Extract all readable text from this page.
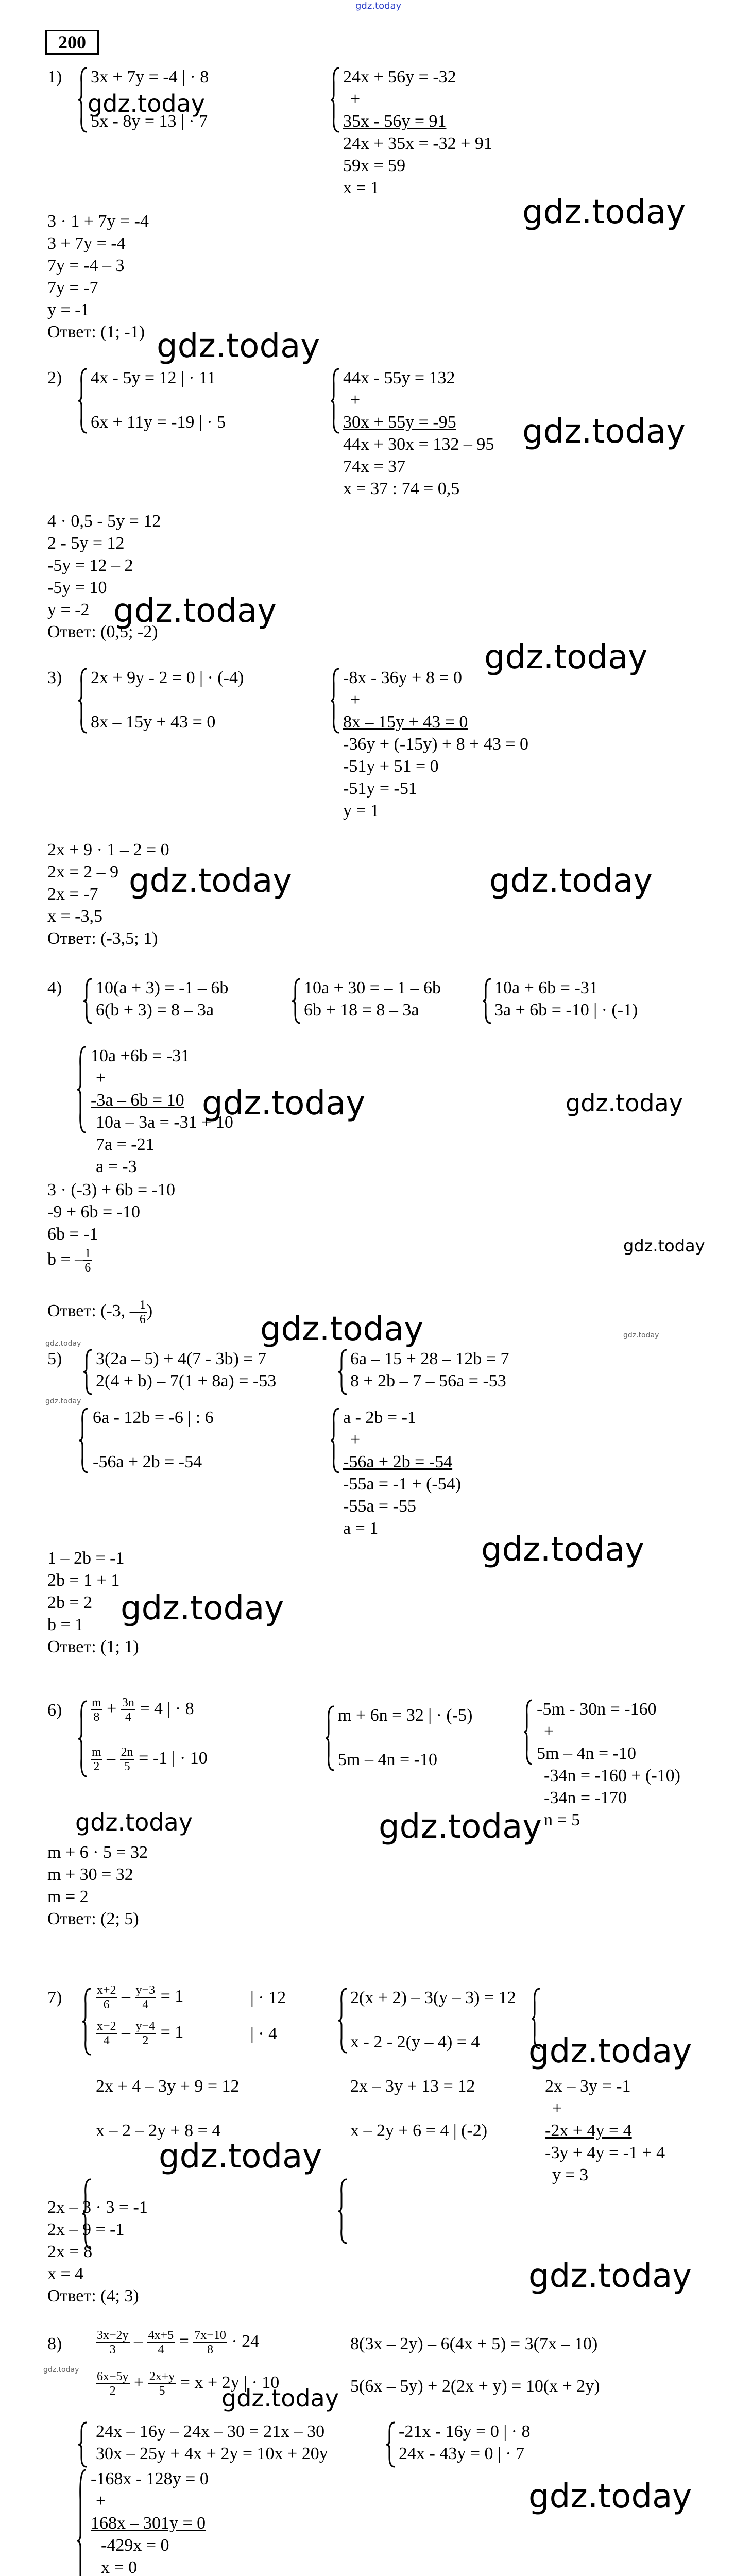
gdz.today
200
1) 3x + 7y = -4 | · 8
5x - 8y = 13 | · 7
24x + 56y = -32
+
35x - 56y = 91
24x + 35x = -32 + 91
59x = 59
x = 1
3 · 1 + 7y = -4
3 + 7y = -4
7y = -4 – 3
7y = -7
y = -1
Ответ: (1; -1)
2) 4x - 5y = 12 | · 11
6x + 11y = -19 | · 5
44x - 55y = 132
+
30x + 55y = -95
44x + 30x = 132 – 95
74x = 37
x = 37 : 74 = 0,5
4 · 0,5 - 5y = 12
2 - 5y = 12
-5y = 12 – 2
-5y = 10
y = -2
Ответ: (0,5; -2)
3) 2x + 9y - 2 = 0 | · (-4)
8x – 15y + 43 = 0
-8x - 36y + 8 = 0
+
8x – 15y + 43 = 0
-36y + (-15y) + 8 + 43 = 0
-51y + 51 = 0
-51y = -51
y = 1
2x + 9 · 1 – 2 = 0
2x = 2 – 9
2x = -7
x = -3,5
Ответ: (-3,5; 1)
4) 10(a + 3) = -1 – 6b
6(b + 3) = 8 – 3a
10a + 30 = – 1 – 6b
6b + 18 = 8 – 3a
10a + 6b = -31
3a + 6b = -10 | · (-1)
10a +6b = -31
+
-3a – 6b = 10
10a – 3a = -31 + 10
7a = -21
a = -3
3 · (-3) + 6b = -10
-9 + 6b = -10
6b = -1
b = – $\frac{1}{6}$
Ответ: (-3, – $\frac{1}{6}$ )
5) 3(2a – 5) + 4(7 - 3b) = 7
2(4 + b) – 7(1 + 8a) = -53
6a – 15 + 28 – 12b = 7
8 + 2b – 7 – 56a = -53
6a - 12b = -6 | : 6
-56a + 2b = -54
a - 2b = -1
+
-56a + 2b = -54
-55a = -1 + (-54)
-55a = -55
a = 1
1 – 2b = -1
2b = 1 + 1
2b = 2
b = 1
Ответ: (1; 1)
$6) \frac{m}{8} + \frac{3n}{4} = 4$ | · 8
$\frac{m}{2} - \frac{2n}{5} = -1$ | · 10
m + 6n = 32 | · (-5)
5m – 4n = -10
-5m - 30n = -160
+
5m – 4n = -10
-34n = -160 + (-10)
-34n = -170
n = 5
m + 6 · 5 = 32
m + 30 = 32
m = 2
Ответ: (2; 5)
7)	$\frac{x+2}{6} - \frac{y-3}{4} = 1$	| · 12
$\frac{x-2}{4} - \frac{y-4}{2} = 1$	| · 4
2(x + 2) – 3(y – 3) = 12
x - 2 - 2(y – 4) = 4
2x + 4 – 3y + 9 = 12
x – 2 – 2y + 8 = 4
2x – 3y + 13 = 12
x – 2y + 6 = 4 | (-2)
2x – 3y = -1
+
-2x + 4y = 4
-3y + 4y = -1 + 4
y = 3
2x – 3 · 3 = -1
2x – 9 = -1
2x = 8
x = 4
Ответ: (4; 3)
8)	$\frac{3x-2y}{3} - \frac{4x+5}{4} = \frac{7x-10}{8} \cdot 24$
$\frac{6x-5y}{2} + \frac{2x+y}{5} = x + 2y$ | · 10
8(3x – 2y) – 6(4x + 5) = 3(7x – 10)
5(6x – 5y) + 2(2x + y) = 10(x + 2y)
24x – 16y – 24x – 30 = 21x – 30
30x – 25y + 4x + 2y = 10x + 20y
-21x - 16y = 0 | · 8
24x - 43y = 0 | · 7
-168x - 128y = 0
+
168x – 301y = 0
-429x = 0
x = 0
gdz.today
gdz.today
gdz.today
gdz.today
gdz.today
gdz.today
gdz.today	gdz.today
gdz.today	gdz.today
gdz.today
gdz.today	gdz.today
gdz.today
gdz.today
gdz.today
gdz.today
gdz.today	gdz.today
gdz.today
gdz.today
gdz.today
gdz.today
gdz.today
gdz.today
